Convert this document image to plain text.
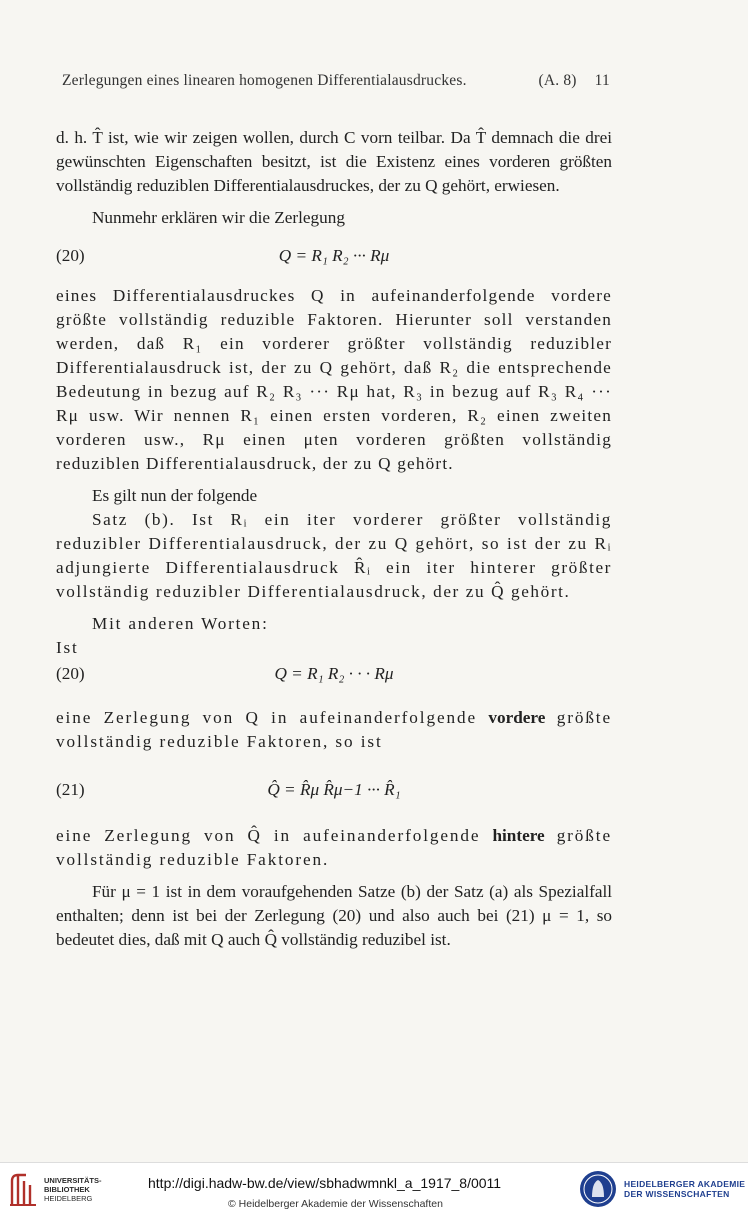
Zerlegungen eines linearen homogenen Differentialausdruckes.	(A. 8) 11

d. h. T̂ ist, wie wir zeigen wollen, durch C vorn teilbar. Da T̂ demnach die drei gewünschten Eigenschaften besitzt, ist die Existenz eines vorderen größten vollständig reduziblen Differentialausdruckes, der zu Q gehört, erwiesen.

Nunmehr erklären wir die Zerlegung

(20)	Q = R₁ R₂ ··· Rμ

eines Differentialausdruckes Q in aufeinanderfolgende vordere größte vollständig reduzible Faktoren. Hierunter soll verstanden werden, daß R₁ ein vorderer größter vollständig reduzibler Differentialausdruck ist, der zu Q gehört, daß R₂ die entsprechende Bedeutung in bezug auf R₂ R₃ ··· Rμ hat, R₃ in bezug auf R₃ R₄ ··· Rμ usw. Wir nennen R₁ einen ersten vorderen, R₂ einen zweiten vorderen usw., Rμ einen μten vorderen größten vollständig reduziblen Differentialausdruck, der zu Q gehört.

Es gilt nun der folgende

Satz (b). Ist Rᵢ ein iter vorderer größter vollständig reduzibler Differentialausdruck, der zu Q gehört, so ist der zu Rᵢ adjungierte Differentialausdruck R̂ᵢ ein iter hinterer größter vollständig reduzibler Differentialausdruck, der zu Q̂ gehört.

Mit anderen Worten:

Ist

(20)	Q = R₁ R₂ · · · Rμ

eine Zerlegung von Q in aufeinanderfolgende vordere größte vollständig reduzible Faktoren, so ist

(21)	Q̂ = R̂μ R̂μ−1 ··· R̂₁

eine Zerlegung von Q̂ in aufeinanderfolgende hintere größte vollständig reduzible Faktoren.

Für μ = 1 ist in dem voraufgehenden Satze (b) der Satz (a) als Spezialfall enthalten; denn ist bei der Zerlegung (20) und also auch bei (21) μ = 1, so bedeutet dies, daß mit Q auch Q̂ vollständig reduzibel ist.

UNIVERSITÄTS-
BIBLIOTHEK
HEIDELBERG
http://digi.hadw-bw.de/view/sbhadwmnkl_a_1917_8/0011
© Heidelberger Akademie der Wissenschaften
HEIDELBERGER AKADEMIE
DER WISSENSCHAFTEN
